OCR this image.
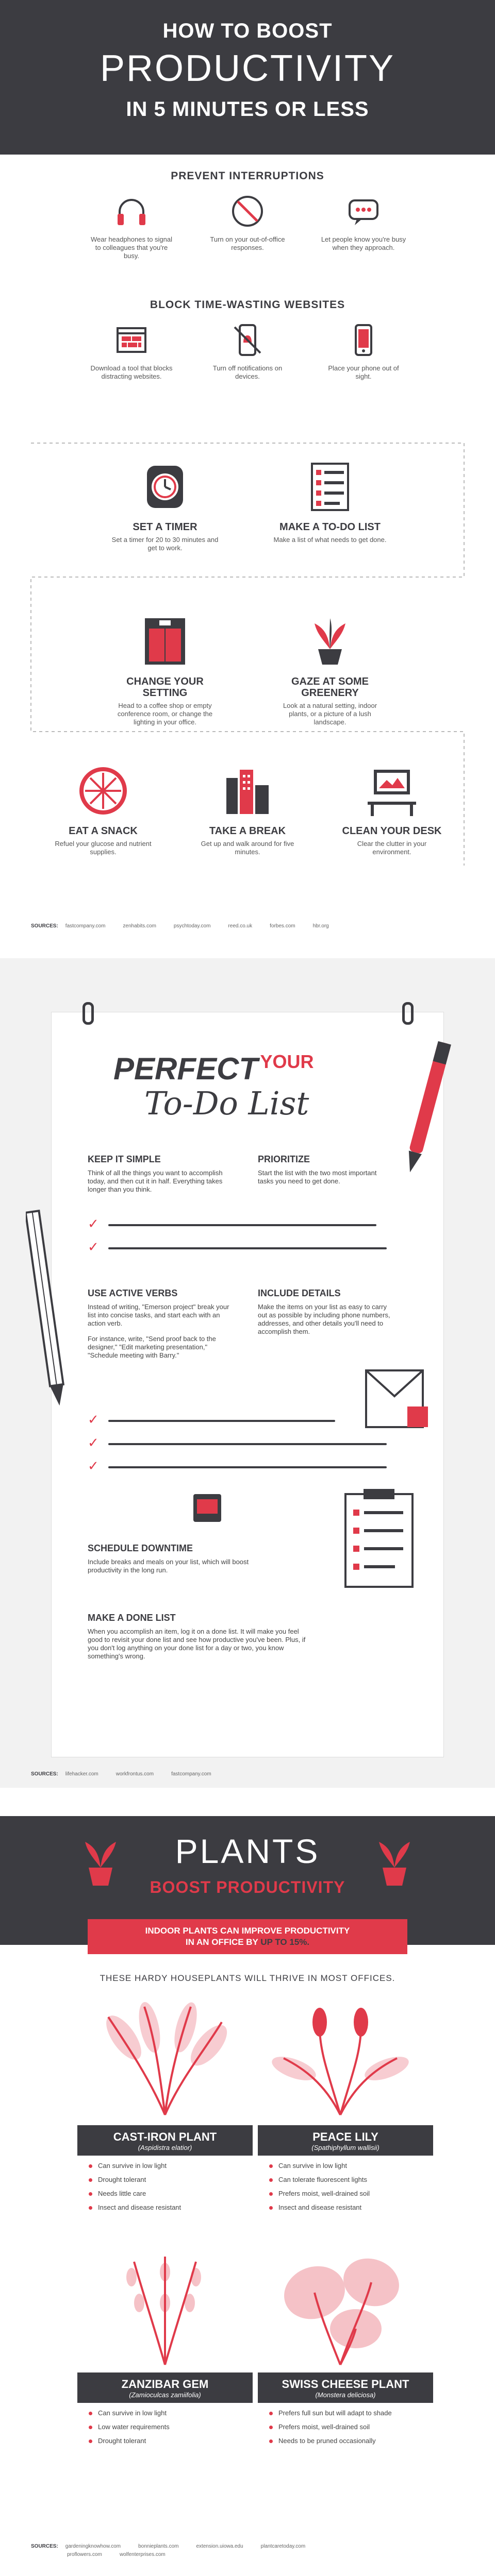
HOW TO BOOST
PRODUCTIVITY
IN 5 MINUTES OR LESS
PREVENT INTERRUPTIONS
Wear headphones to signal to colleagues that you're busy.
Turn on your out-of-office responses.
Let people know you're busy when they approach.
BLOCK TIME-WASTING WEBSITES
Download a tool that blocks distracting websites.
Turn off notifications on devices.
Place your phone out of sight.
SET A TIMER
Set a timer for 20 to 30 minutes and get to work.
MAKE A TO-DO LIST
Make a list of what needs to get done.
CHANGE YOUR SETTING
Head to a coffee shop or empty conference room, or change the lighting in your office.
GAZE AT SOME GREENERY
Look at a natural setting, indoor plants, or a picture of a lush landscape.
EAT A SNACK
Refuel your glucose and nutrient supplies.
TAKE A BREAK
Get up and walk around for five minutes.
CLEAN YOUR DESK
Clear the clutter in your environment.
SOURCES: fastcompany.com	zenhabits.com	psychtoday.com	reed.co.uk	forbes.com	hbr.org
PERFECT YOUR
To-Do List
KEEP IT SIMPLE
Think of all the things you want to accomplish today, and then cut it in half. Everything takes longer than you think.
PRIORITIZE
Start the list with the two most important tasks you need to get done.
✓
✓
USE ACTIVE VERBS
Instead of writing, "Emerson project" break your list into concise tasks, and start each with an action verb.
For instance, write, "Send proof back to the designer," "Edit marketing presentation," "Schedule meeting with Barry."
INCLUDE DETAILS
Make the items on your list as easy to carry out as possible by including phone numbers, addresses, and other details you'll need to accomplish them.
✓
✓
✓
SCHEDULE DOWNTIME
Include breaks and meals on your list, which will boost productivity in the long run.
MAKE A DONE LIST
When you accomplish an item, log it on a done list. It will make you feel good to revisit your done list and see how productive you've been. Plus, if you don't log anything on your done list for a day or two, you know something's wrong.
SOURCES: lifehacker.com	workfrontus.com	fastcompany.com
PLANTS
BOOST PRODUCTIVITY
INDOOR PLANTS CAN IMPROVE PRODUCTIVITY
IN AN OFFICE BY UP TO 15%.
THESE HARDY HOUSEPLANTS WILL THRIVE IN MOST OFFICES.
CAST-IRON PLANT
(Aspidistra elatior)
Can survive in low light
Drought tolerant
Needs little care
Insect and disease resistant
PEACE LILY
(Spathiphyllum wallisii)
Can survive in low light
Can tolerate fluorescent lights
Prefers moist, well-drained soil
Insect and disease resistant
ZANZIBAR GEM
(Zamioculcas zamiifolia)
Can survive in low light
Low water requirements
Drought tolerant
SWISS CHEESE PLANT
(Monstera deliciosa)
Prefers full sun but will adapt to shade
Prefers moist, well-drained soil
Needs to be pruned occasionally
SOURCES: gardeningknowhow.com	bonnieplants.com	extension.uiowa.edu	plantcaretoday.com
proflowers.com	wolfenterprises.com
